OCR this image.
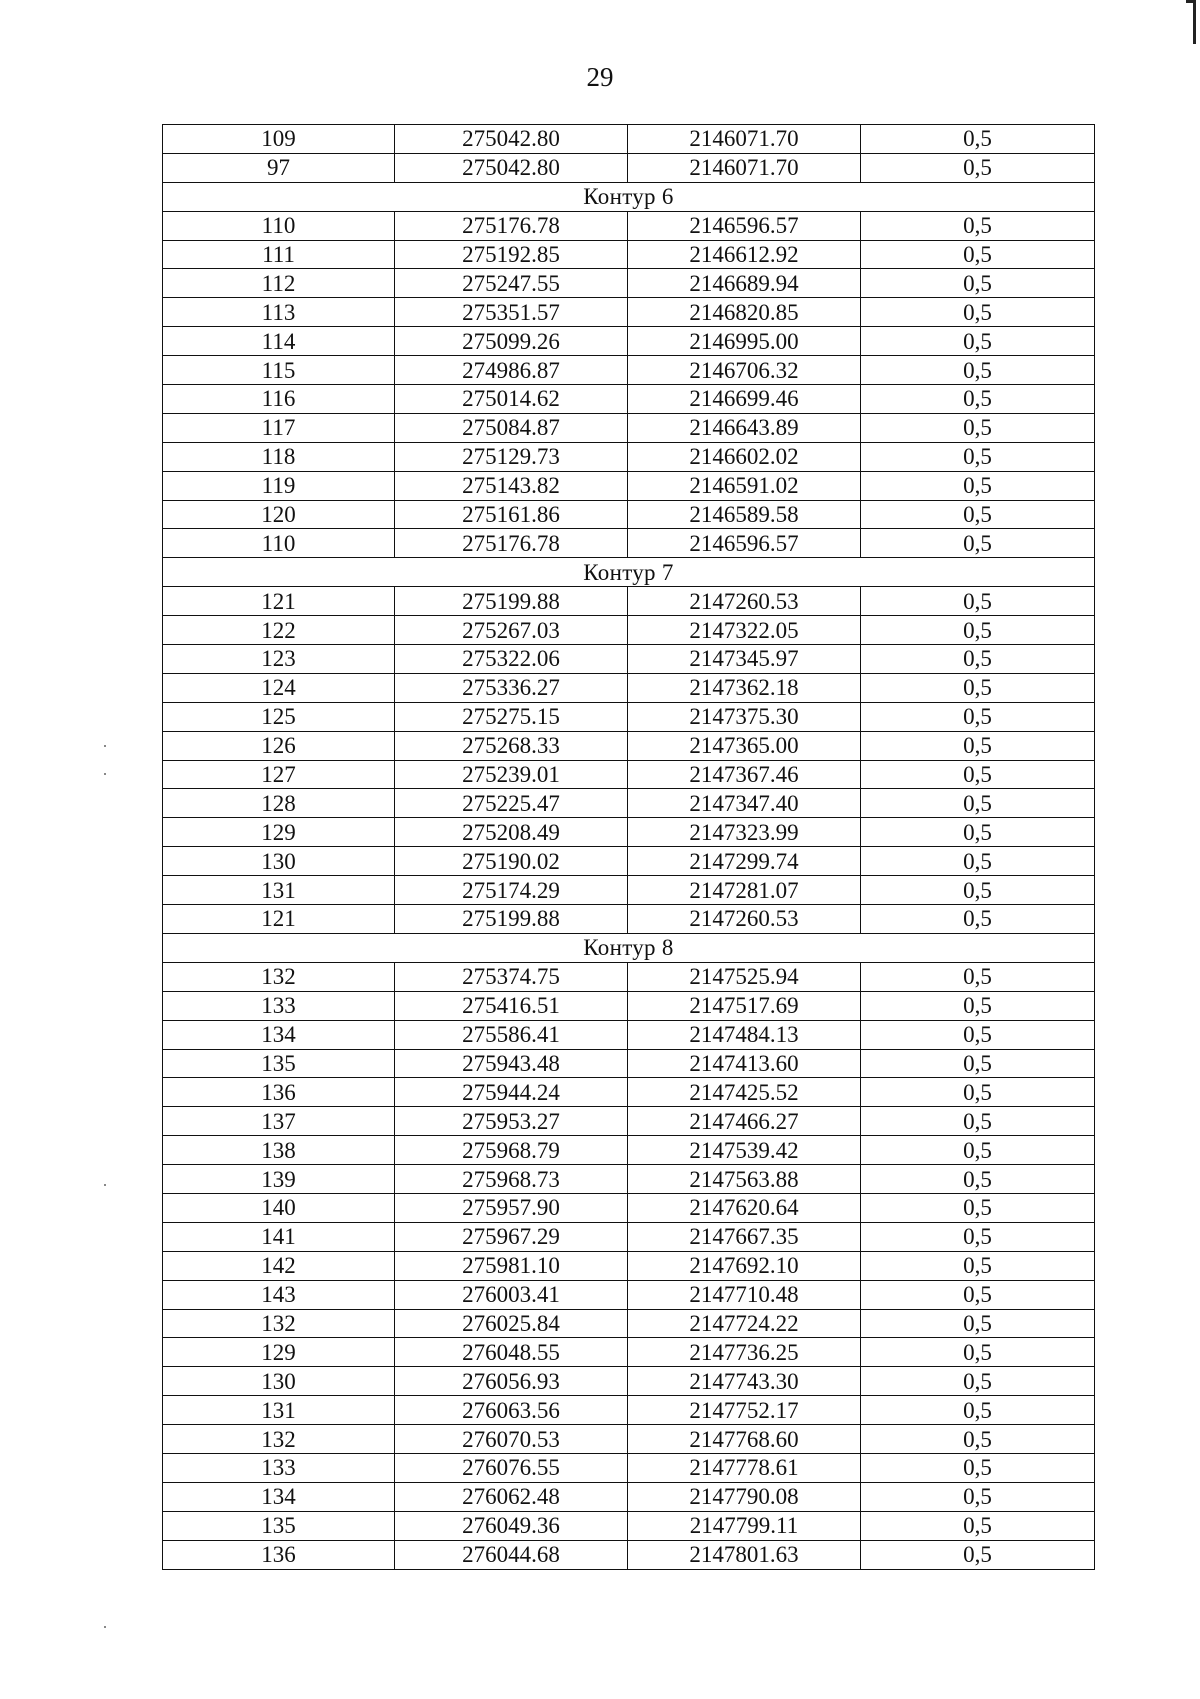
29
109	275042.80	2146071.70	0,5
97	275042.80	2146071.70	0,5
Контур 6			
110	275176.78	2146596.57	0,5
111	275192.85	2146612.92	0,5
112	275247.55	2146689.94	0,5
113	275351.57	2146820.85	0,5
114	275099.26	2146995.00	0,5
115	274986.87	2146706.32	0,5
116	275014.62	2146699.46	0,5
117	275084.87	2146643.89	0,5
118	275129.73	2146602.02	0,5
119	275143.82	2146591.02	0,5
120	275161.86	2146589.58	0,5
110	275176.78	2146596.57	0,5
Контур 7			
121	275199.88	2147260.53	0,5
122	275267.03	2147322.05	0,5
123	275322.06	2147345.97	0,5
124	275336.27	2147362.18	0,5
125	275275.15	2147375.30	0,5
126	275268.33	2147365.00	0,5
127	275239.01	2147367.46	0,5
128	275225.47	2147347.40	0,5
129	275208.49	2147323.99	0,5
130	275190.02	2147299.74	0,5
131	275174.29	2147281.07	0,5
121	275199.88	2147260.53	0,5
Контур 8			
132	275374.75	2147525.94	0,5
133	275416.51	2147517.69	0,5
134	275586.41	2147484.13	0,5
135	275943.48	2147413.60	0,5
136	275944.24	2147425.52	0,5
137	275953.27	2147466.27	0,5
138	275968.79	2147539.42	0,5
139	275968.73	2147563.88	0,5
140	275957.90	2147620.64	0,5
141	275967.29	2147667.35	0,5
142	275981.10	2147692.10	0,5
143	276003.41	2147710.48	0,5
132	276025.84	2147724.22	0,5
129	276048.55	2147736.25	0,5
130	276056.93	2147743.30	0,5
131	276063.56	2147752.17	0,5
132	276070.53	2147768.60	0,5
133	276076.55	2147778.61	0,5
134	276062.48	2147790.08	0,5
135	276049.36	2147799.11	0,5
136	276044.68	2147801.63	0,5
